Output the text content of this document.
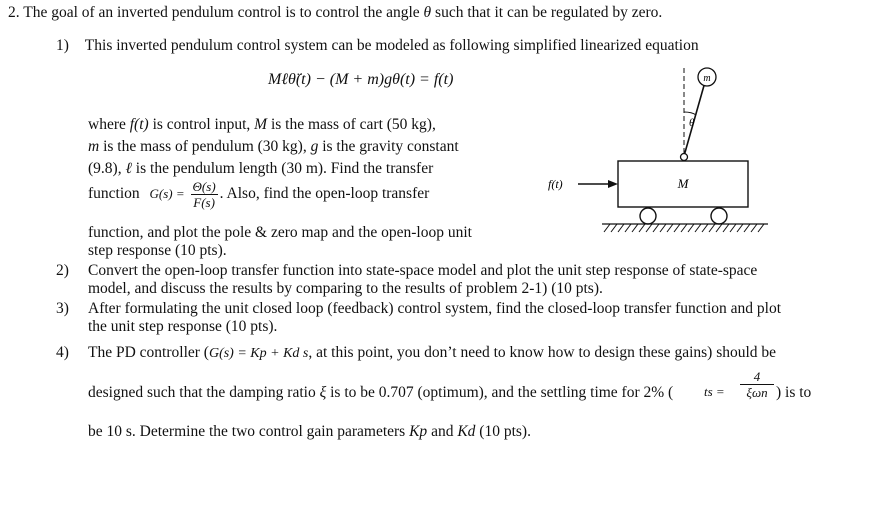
2. The goal of an inverted pendulum control is to control the angle θ such that it can be regulated by zero.
1) This inverted pendulum control system can be modeled as following simplified linearized equation
Mℓθ̈(t) − (M + m)gθ(t) = f(t)
where f(t) is control input, M is the mass of cart (50 kg),
m is the mass of pendulum (30 kg), g is the gravity constant
(9.8), ℓ is the pendulum length (30 m). Find the transfer
function $G(s) = \frac{\Theta(s)}{F(s)}$ . Also, find the open-loop transfer
function, and plot the pole & zero map and the open-loop unit
step response (10 pts).
2) Convert the open-loop transfer function into state-space model and plot the unit step response of state-space
model, and discuss the results by comparing to the results of problem 2-1) (10 pts).
3) After formulating the unit closed loop (feedback) control system, find the closed-loop transfer function and plot
the unit step response (10 pts).
4) The PD controller (G(s) = Kp + Kd s, at this point, you don’t need to know how to design these gains) should be
designed such that the damping ratio ξ is to be 0.707 (optimum), and the settling time for 2% ( ts =
4
ξωn ) is to
be 10 s. Determine the two control gain parameters Kp and Kd (10 pts).
m
θ
M
f(t)
